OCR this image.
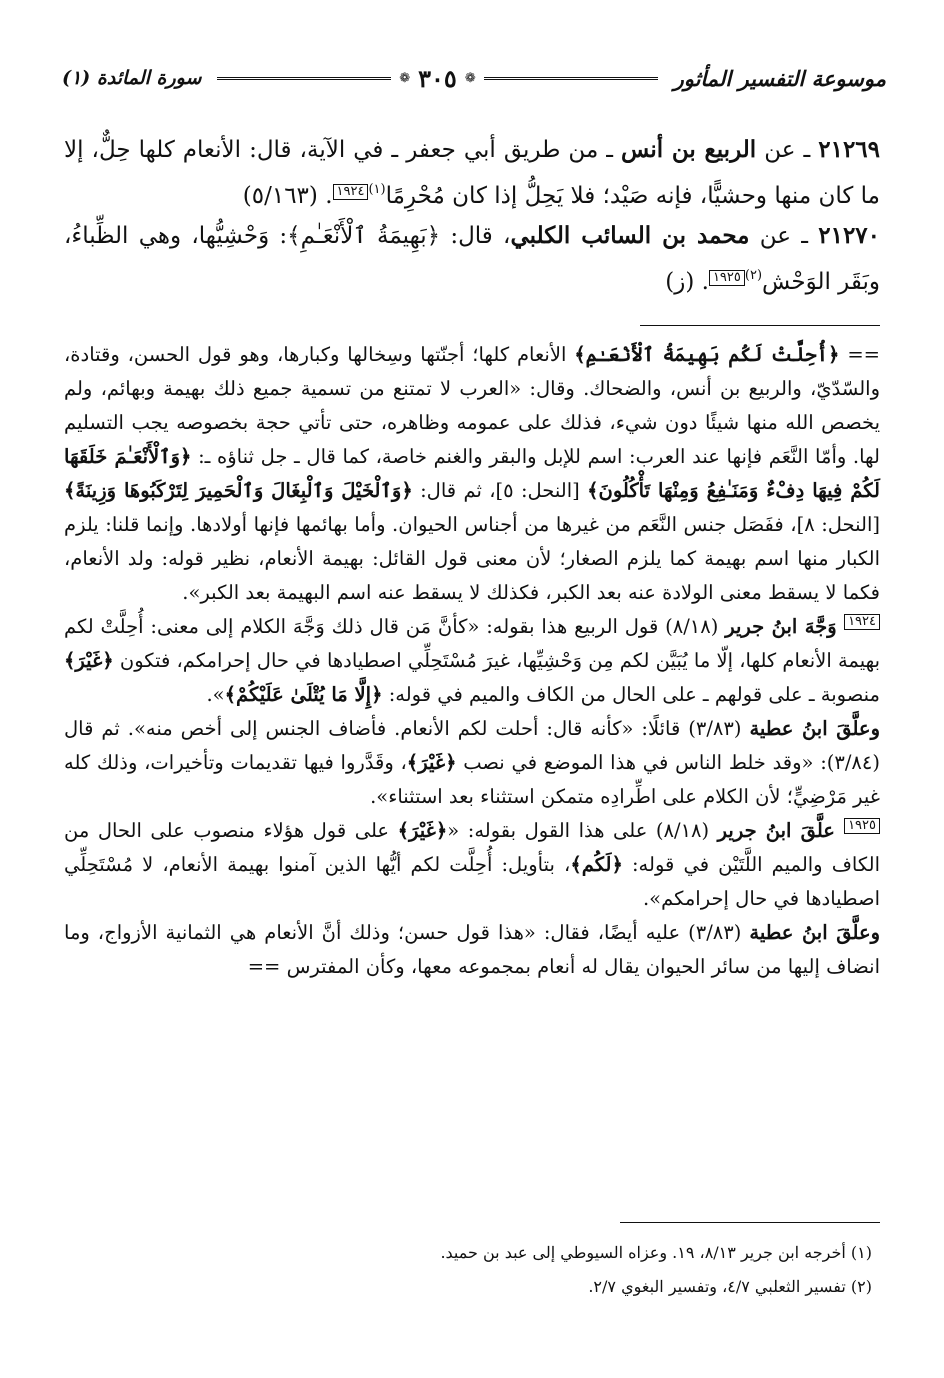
موسوعة التفسير المأثور
❁
٣٠٥
❁
سورة المائدة (١)

٢١٢٦٩ ـ عن الربيع بن أنس ـ من طريق أبي جعفر ـ في الآية، قال: الأنعام كلها حِلٌّ، إلا ما كان منها وحشيًّا، فإنه صَيْد؛ فلا يَحِلُّ إذا كان مُحْرِمًا$^{(١)}$١٩٢٤. (٥/١٦٣)

٢١٢٧٠ ـ عن محمد بن السائب الكلبي، قال: ﴿بَهِيمَةُ ٱلْأَنْعَـٰمِ﴾: وَحْشِيُّها، وهي الظِّباءُ، وبَقَر الوَحْش$^{(٢)}$١٩٢٥. (ز)

== ﴿أُحِلَّتْ لَكُم بَهِيمَةُ ٱلْأَنْعَـٰمِ﴾ الأنعام كلها؛ أجنّتها وسِخالها وكبارها، وهو قول الحسن، وقتادة، والسّدّيّ، والربيع بن أنس، والضحاك. وقال: «العرب لا تمتنع من تسمية جميع ذلك بهيمة وبهائم، ولم يخصص الله منها شيئًا دون شيء، فذلك على عمومه وظاهره، حتى تأتي حجة بخصوصه يجب التسليم لها. وأمّا النَّعَم فإنها عند العرب: اسم للإبل والبقر والغنم خاصة، كما قال ـ جل ثناؤه ـ: ﴿وَٱلْأَنْعَـٰمَ خَلَقَهَا لَكُمْ فِيهَا دِفْءٌ وَمَنَـٰفِعُ وَمِنْهَا تَأْكُلُونَ﴾ [النحل: ٥]، ثم قال: ﴿وَٱلْخَيْلَ وَٱلْبِغَالَ وَٱلْحَمِيرَ لِتَرْكَبُوهَا وَزِينَةً﴾ [النحل: ٨]، ففَصَل جنس النَّعَم من غيرها من أجناس الحيوان. وأما بهائمها فإنها أولادها. وإنما قلنا: يلزم الكبار منها اسم بهيمة كما يلزم الصغار؛ لأن معنى قول القائل: بهيمة الأنعام، نظير قوله: ولد الأنعام، فكما لا يسقط معنى الولادة عنه بعد الكبر، فكذلك لا يسقط عنه اسم البهيمة بعد الكبر».

١٩٢٤ وَجَّهَ ابنُ جرير (٨/١٨) قول الربيع هذا بقوله: «كأنَّ مَن قال ذلك وَجَّهَ الكلام إلى معنى: أُحِلَّتْ لكم بهيمة الأنعام كلها، إلّا ما يُبَيَّن لكم مِن وَحْشِيِّها، غيرَ مُسْتَحِلِّي اصطيادها في حال إحرامكم، فتكون ﴿غَيْرَ﴾ منصوبة ـ على قولهم ـ على الحال من الكاف والميم في قوله: ﴿إِلَّا مَا يُتْلَىٰ عَلَيْكُمْ﴾».

وعلَّقَ ابنُ عطية (٣/٨٣) قائلًا: «كأنه قال: أحلت لكم الأنعام. فأضاف الجنس إلى أخص منه». ثم قال (٣/٨٤): «وقد خلط الناس في هذا الموضع في نصب ﴿غَيْرَ﴾، وقَدَّروا فيها تقديمات وتأخيرات، وذلك كله غير مَرْضِيٍّ؛ لأن الكلام على اطِّرادِه متمكن استثناء بعد استثناء».

١٩٢٥ علَّقَ ابنُ جرير (٨/١٨) على هذا القول بقوله: «﴿غَيْرَ﴾ على قول هؤلاء منصوب على الحال من الكاف والميم اللَّتَيْن في قوله: ﴿لَكُم﴾، بتأويل: أُحِلَّت لكم أيُّها الذين آمنوا بهيمة الأنعام، لا مُسْتَحِلِّي اصطيادها في حال إحرامكم».

وعلَّقَ ابنُ عطية (٣/٨٣) عليه أيضًا، فقال: «هذا قول حسن؛ وذلك أنَّ الأنعام هي الثمانية الأزواج، وما انضاف إليها من سائر الحيوان يقال له أنعام بمجموعه معها، وكأن المفترس ==

(١) أخرجه ابن جرير ٨/١٣، ١٩. وعزاه السيوطي إلى عبد بن حميد.

(٢) تفسير الثعلبي ٤/٧، وتفسير البغوي ٢/٧.
